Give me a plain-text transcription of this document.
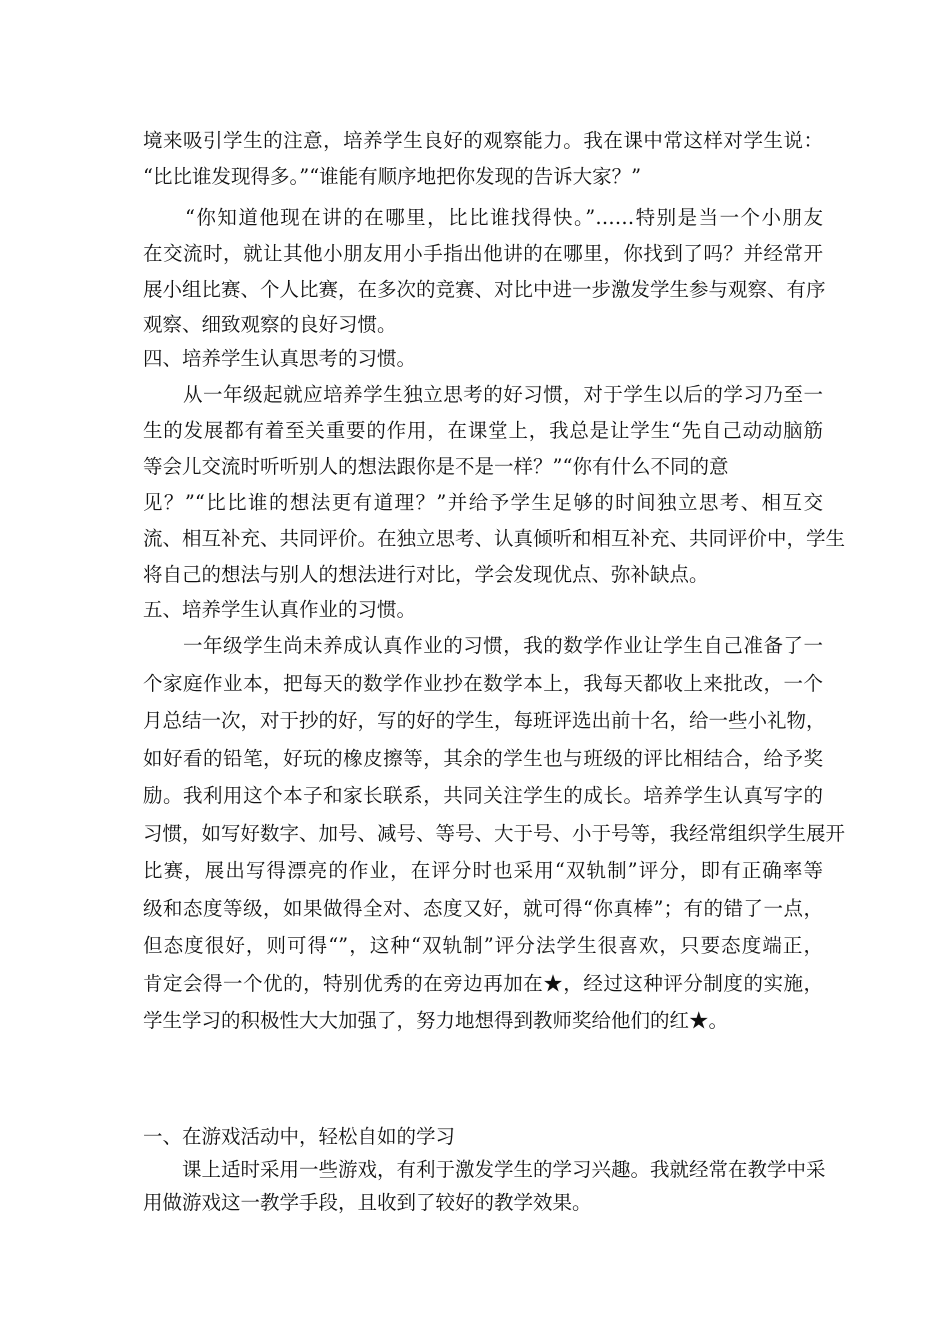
境来吸引学生的注意，培养学生良好的观察能力。我在课中常这样对学生说：
“比比谁发现得多。”“谁能有顺序地把你发现的告诉大家？”
　　“你知道他现在讲的在哪里，比比谁找得快。”……特别是当一个小朋友
在交流时，就让其他小朋友用小手指出他讲的在哪里，你找到了吗？并经常开
展小组比赛、个人比赛，在多次的竞赛、对比中进一步激发学生参与观察、有序
观察、细致观察的良好习惯。
四、培养学生认真思考的习惯。
　　从一年级起就应培养学生独立思考的好习惯，对于学生以后的学习乃至一
生的发展都有着至关重要的作用，在课堂上，我总是让学生“先自己动动脑筋
等会儿交流时听听别人的想法跟你是不是一样？”“你有什么不同的意
见？”“比比谁的想法更有道理？”并给予学生足够的时间独立思考、相互交
流、相互补充、共同评价。在独立思考、认真倾听和相互补充、共同评价中，学生
将自己的想法与别人的想法进行对比，学会发现优点、弥补缺点。
五、培养学生认真作业的习惯。
　　一年级学生尚未养成认真作业的习惯，我的数学作业让学生自己准备了一
个家庭作业本，把每天的数学作业抄在数学本上，我每天都收上来批改，一个
月总结一次，对于抄的好，写的好的学生，每班评选出前十名，给一些小礼物，
如好看的铅笔，好玩的橡皮擦等，其余的学生也与班级的评比相结合，给予奖
励。我利用这个本子和家长联系，共同关注学生的成长。培养学生认真写字的
习惯，如写好数字、加号、减号、等号、大于号、小于号等，我经常组织学生展开
比赛，展出写得漂亮的作业，在评分时也采用“双轨制”评分，即有正确率等
级和态度等级，如果做得全对、态度又好，就可得“你真棒”；有的错了一点，
但态度很好，则可得“”，这种“双轨制”评分法学生很喜欢，只要态度端正，
肯定会得一个优的，特别优秀的在旁边再加在★，经过这种评分制度的实施，
学生学习的积极性大大加强了，努力地想得到教师奖给他们的红★。
一、在游戏活动中，轻松自如的学习
　　课上适时采用一些游戏，有利于激发学生的学习兴趣。我就经常在教学中采
用做游戏这一教学手段，且收到了较好的教学效果。
